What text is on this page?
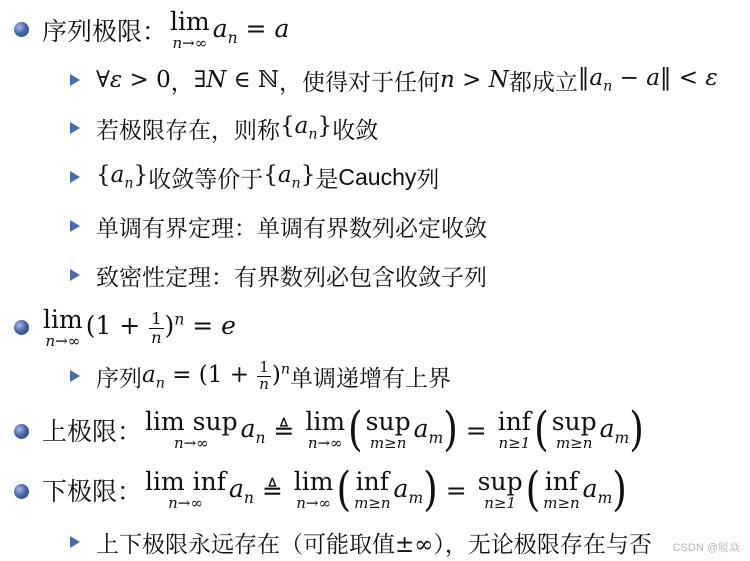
序列极限： lim
n→∞
$a_n = a$
∀ε > 0 ， ∃N ∈ ℕ ， 使得对于任何 n > N 都成立 $‖a_n$ − a‖ < ε
若极限存在，则称 $\{a_n\}$ 收敛
$\{a_n\}$ 收敛等价于 $\{a_n\}$ 是 Cauchy 列
单调有界定理：单调有界数列必定收敛
致密性定理：有界数列必包含收敛子列
lim
n→∞
$(1 + \frac{1}{n} )^n = e$
序列 $a_n = (1 + \frac{1}{n} )^n$ 单调递增有上界
上极限： lim sup
n→∞
$a_n$ ≜ lim
n→∞ ( sup
m≥n
$a_m$ ) = inf
n≥1 ( sup
m≥n
$a_m$ )
下极限： lim inf
n→∞
$a_n$ ≜ lim
n→∞ ( inf
m≥n
$a_m$ ) = sup
n≥1 ( inf
m≥n
$a_m$ )
上下极限永远存在（可能取值±∞），无论极限存在与否 CSDN @暖焱
